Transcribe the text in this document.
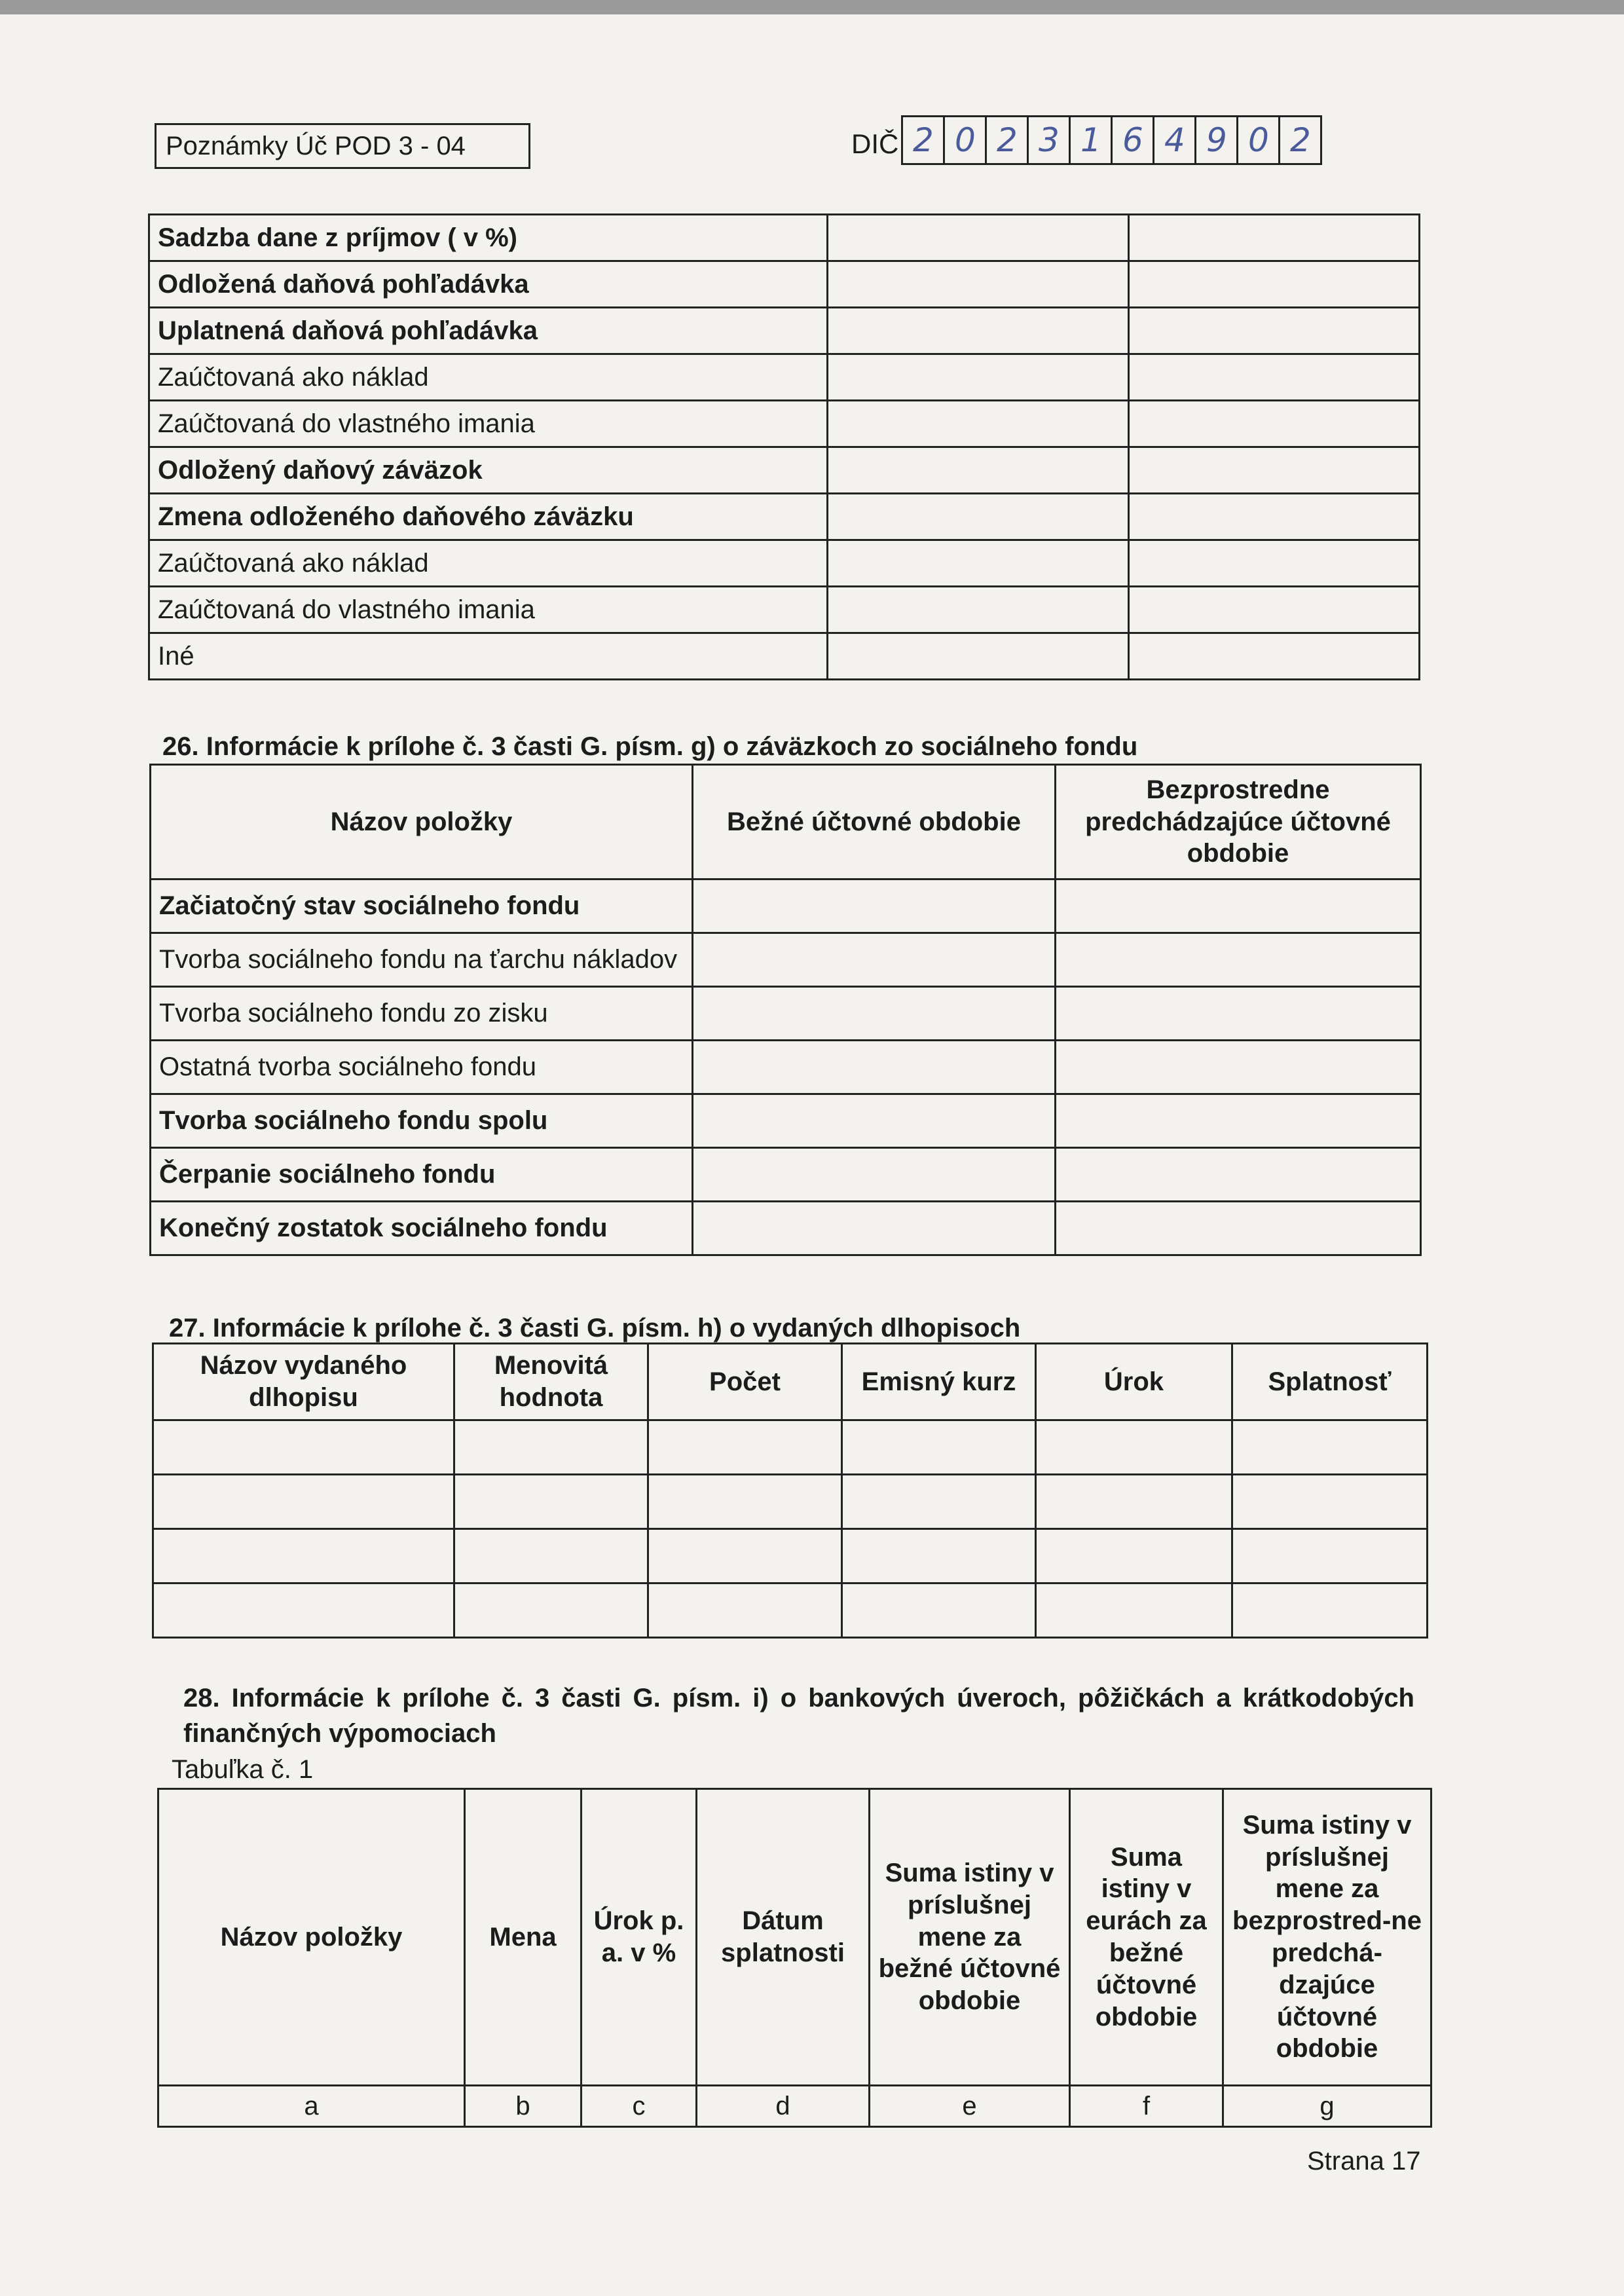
Poznámky Úč POD 3 - 04	DIČ 2 0 2 3 1 6 4 9 0 2
Sadzba dane z príjmov ( v %)		
Odložená daňová pohľadávka		
Uplatnená daňová pohľadávka		
Zaúčtovaná ako náklad		
Zaúčtovaná do vlastného imania		
Odložený daňový záväzok		
Zmena odloženého daňového záväzku		
Zaúčtovaná ako náklad		
Zaúčtovaná do vlastného imania		
Iné		
26. Informácie k prílohe č. 3 časti G. písm. g) o záväzkoch zo sociálneho fondu
Názov položky	Bežné účtovné obdobie	Bezprostredne predchádzajúce účtovné obdobie
Začiatočný stav sociálneho fondu		
Tvorba sociálneho fondu na ťarchu nákladov		
Tvorba sociálneho fondu zo zisku		
Ostatná tvorba sociálneho fondu		
Tvorba sociálneho fondu spolu		
Čerpanie sociálneho fondu		
Konečný zostatok sociálneho fondu		
27. Informácie k prílohe č. 3 časti G. písm. h) o vydaných dlhopisoch
Názov vydaného dlhopisu	Menovitá hodnota	Počet	Emisný kurz	Úrok	Splatnosť

28. Informácie k prílohe č. 3 časti G. písm. i) o bankových úveroch, pôžičkách a krátkodobých
finančných výpomociach
Tabuľka č. 1
Názov položky	Mena	Úrok p. a. v %	Dátum splatnosti	Suma istiny v príslušnej mene za bežné účtovné obdobie	Suma istiny v eurách za bežné účtovné obdobie	Suma istiny v príslušnej mene za bezprostred-ne predchá-dzajúce účtovné obdobie
a	b	c	d	e	f	g
Strana 17
